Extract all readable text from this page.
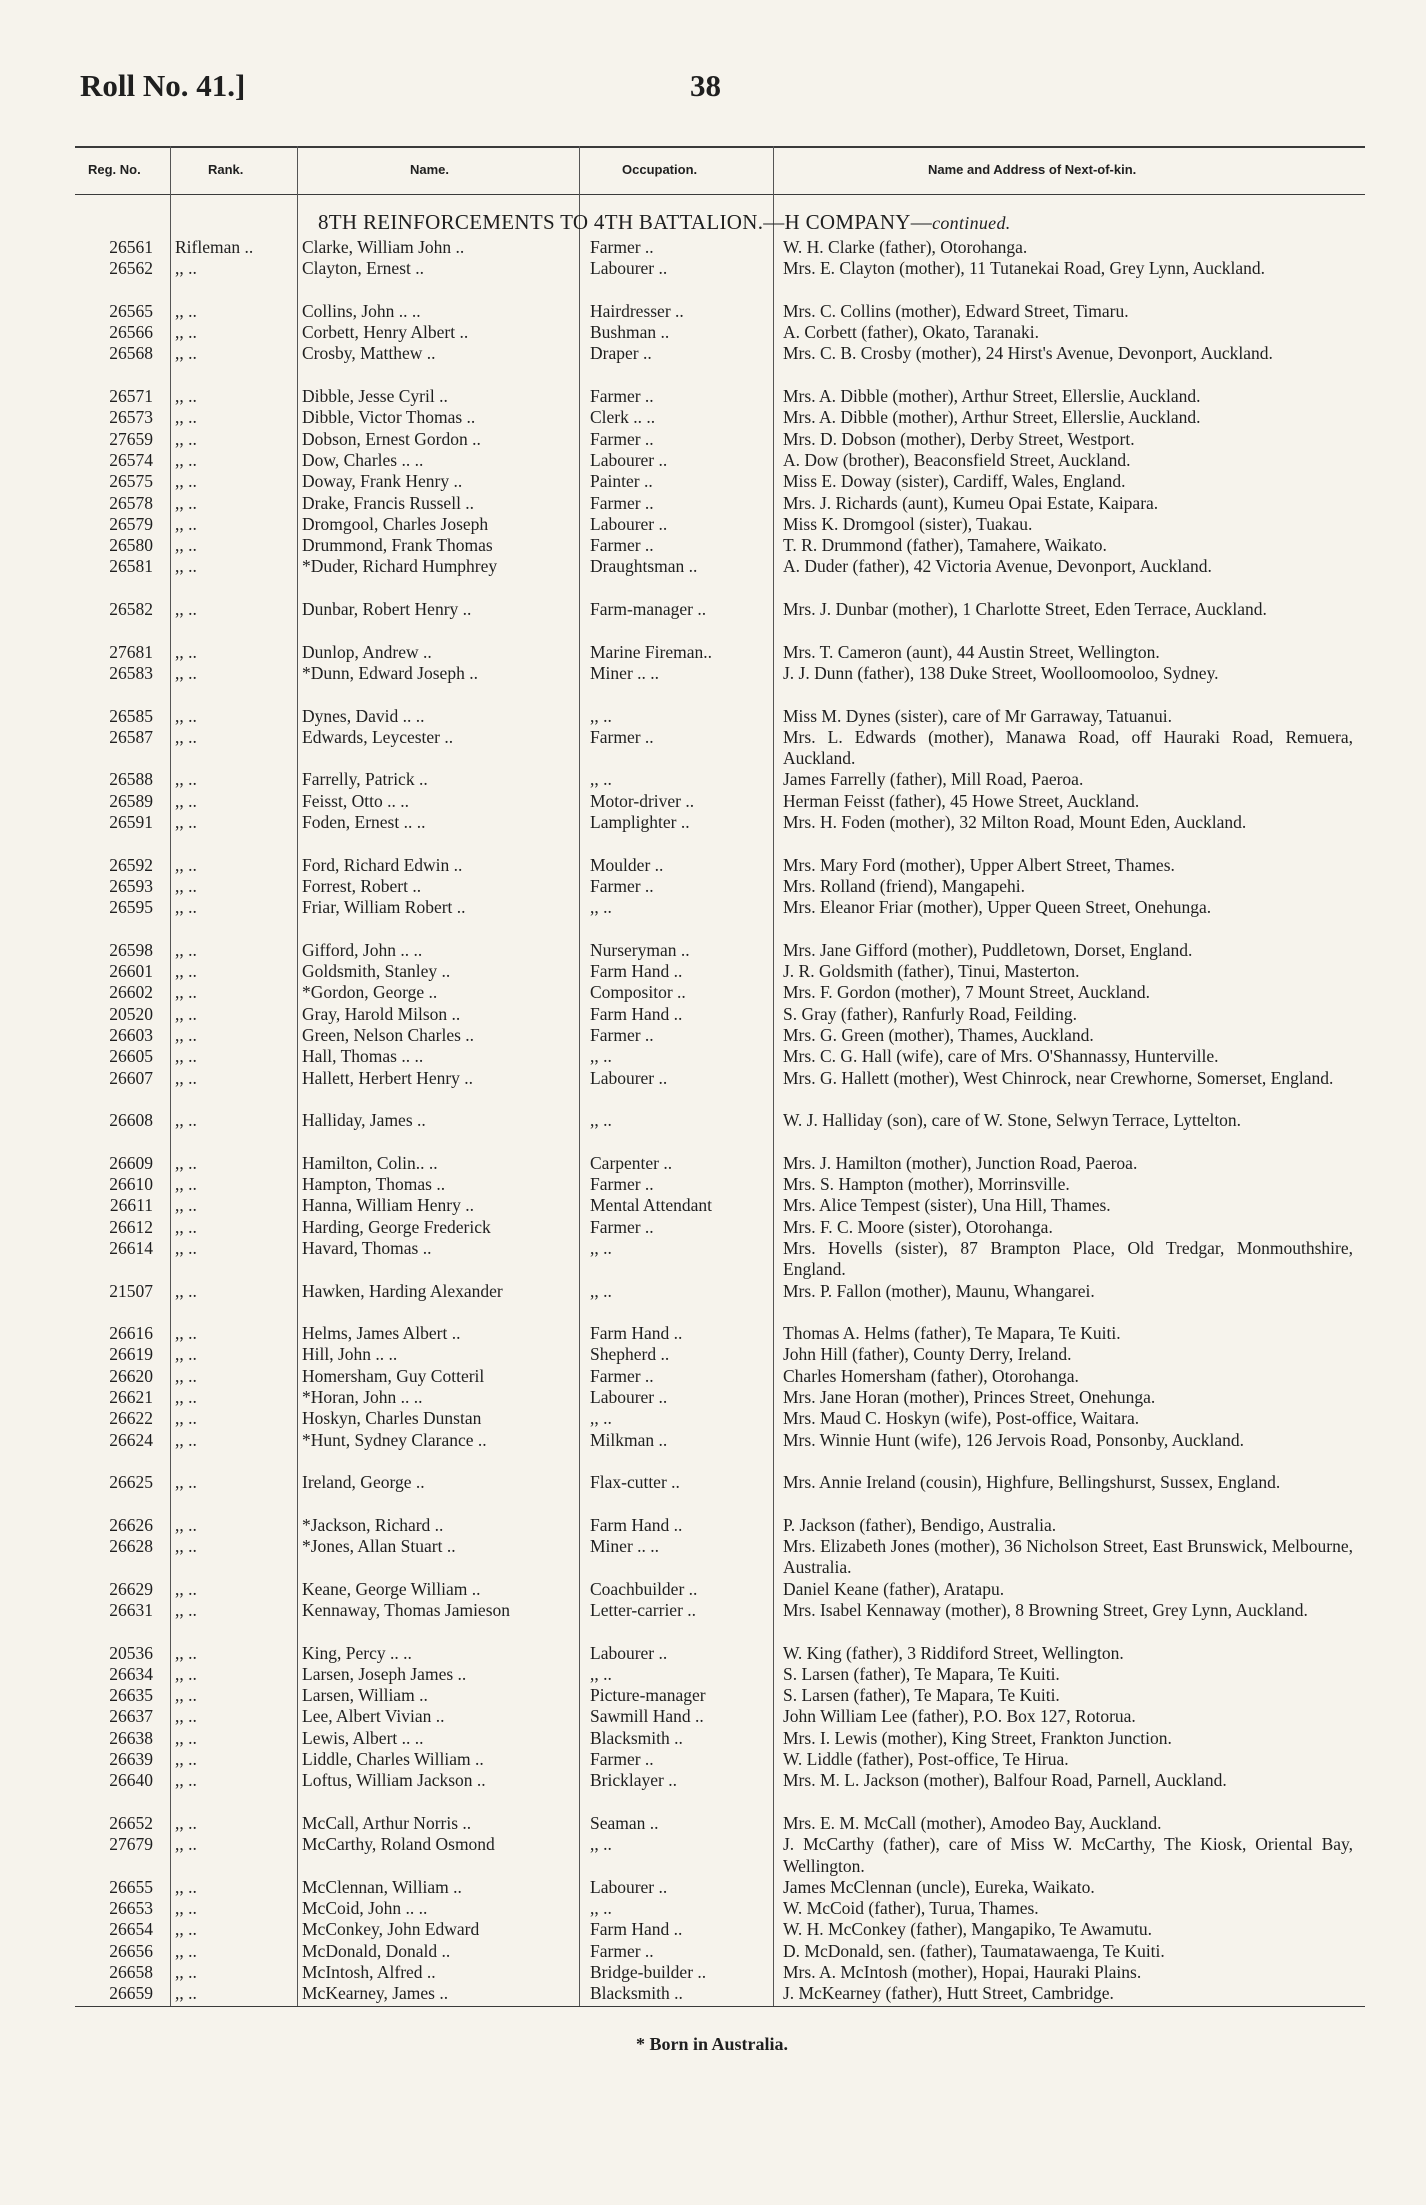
Roll No. 41.]	38
Reg. No.	Rank.	Name.	Occupation.	Name and Address of Next-of-kin.
8TH REINFORCEMENTS TO 4TH BATTALION.—H COMPANY—continued.
26561 Rifleman ..	Clarke, William John ..	Farmer ..	W. H. Clarke (father), Otorohanga.
26562 ,, ..	Clayton, Ernest ..	Labourer ..	Mrs. E. Clayton (mother), 11 Tutanekai Road, Grey Lynn, Auckland.
26565 ,, ..	Collins, John .. ..	Hairdresser ..	Mrs. C. Collins (mother), Edward Street, Timaru.
26566 ,, ..	Corbett, Henry Albert ..	Bushman ..	A. Corbett (father), Okato, Taranaki.
26568 ,, ..	Crosby, Matthew ..	Draper ..	Mrs. C. B. Crosby (mother), 24 Hirst's Avenue, Devonport, Auckland.
26571 ,, ..	Dibble, Jesse Cyril ..	Farmer ..	Mrs. A. Dibble (mother), Arthur Street, Ellerslie, Auckland.
26573 ,, ..	Dibble, Victor Thomas ..	Clerk .. ..	Mrs. A. Dibble (mother), Arthur Street, Ellerslie, Auckland.
27659 ,, ..	Dobson, Ernest Gordon ..	Farmer ..	Mrs. D. Dobson (mother), Derby Street, Westport.
26574 ,, ..	Dow, Charles .. ..	Labourer ..	A. Dow (brother), Beaconsfield Street, Auckland.
26575 ,, ..	Doway, Frank Henry ..	Painter ..	Miss E. Doway (sister), Cardiff, Wales, England.
26578 ,, ..	Drake, Francis Russell ..	Farmer ..	Mrs. J. Richards (aunt), Kumeu Opai Estate, Kaipara.
26579 ,, ..	Dromgool, Charles Joseph	Labourer ..	Miss K. Dromgool (sister), Tuakau.
26580 ,, ..	Drummond, Frank Thomas	Farmer ..	T. R. Drummond (father), Tamahere, Waikato.
26581 ,, ..	*Duder, Richard Humphrey	Draughtsman ..	A. Duder (father), 42 Victoria Avenue, Devonport, Auckland.
26582 ,, ..	Dunbar, Robert Henry ..	Farm-manager ..	Mrs. J. Dunbar (mother), 1 Charlotte Street, Eden Terrace, Auckland.
27681 ,, ..	Dunlop, Andrew ..	Marine Fireman..	Mrs. T. Cameron (aunt), 44 Austin Street, Wellington.
26583 ,, ..	*Dunn, Edward Joseph ..	Miner .. ..	J. J. Dunn (father), 138 Duke Street, Woolloomooloo, Sydney.
26585 ,, ..	Dynes, David .. ..	,, ..	Miss M. Dynes (sister), care of Mr Garraway, Tatuanui.
26587 ,, ..	Edwards, Leycester ..	Farmer ..	Mrs. L. Edwards (mother), Manawa Road, off Hauraki Road, Remuera, Auckland.
26588 ,, ..	Farrelly, Patrick ..	,, ..	James Farrelly (father), Mill Road, Paeroa.
26589 ,, ..	Feisst, Otto .. ..	Motor-driver ..	Herman Feisst (father), 45 Howe Street, Auckland.
26591 ,, ..	Foden, Ernest .. ..	Lamplighter ..	Mrs. H. Foden (mother), 32 Milton Road, Mount Eden, Auckland.
26592 ,, ..	Ford, Richard Edwin ..	Moulder ..	Mrs. Mary Ford (mother), Upper Albert Street, Thames.
26593 ,, ..	Forrest, Robert ..	Farmer ..	Mrs. Rolland (friend), Mangapehi.
26595 ,, ..	Friar, William Robert ..	,, ..	Mrs. Eleanor Friar (mother), Upper Queen Street, Onehunga.
26598 ,, ..	Gifford, John .. ..	Nurseryman ..	Mrs. Jane Gifford (mother), Puddletown, Dorset, England.
26601 ,, ..	Goldsmith, Stanley ..	Farm Hand ..	J. R. Goldsmith (father), Tinui, Masterton.
26602 ,, ..	*Gordon, George ..	Compositor ..	Mrs. F. Gordon (mother), 7 Mount Street, Auckland.
20520 ,, ..	Gray, Harold Milson ..	Farm Hand ..	S. Gray (father), Ranfurly Road, Feilding.
26603 ,, ..	Green, Nelson Charles ..	Farmer ..	Mrs. G. Green (mother), Thames, Auckland.
26605 ,, ..	Hall, Thomas .. ..	,, ..	Mrs. C. G. Hall (wife), care of Mrs. O'Shannassy, Hunterville.
26607 ,, ..	Hallett, Herbert Henry ..	Labourer ..	Mrs. G. Hallett (mother), West Chinrock, near Crewhorne, Somerset, England.
26608 ,, ..	Halliday, James ..	,, ..	W. J. Halliday (son), care of W. Stone, Selwyn Terrace, Lyttelton.
26609 ,, ..	Hamilton, Colin.. ..	Carpenter ..	Mrs. J. Hamilton (mother), Junction Road, Paeroa.
26610 ,, ..	Hampton, Thomas ..	Farmer ..	Mrs. S. Hampton (mother), Morrinsville.
26611 ,, ..	Hanna, William Henry ..	Mental Attendant	Mrs. Alice Tempest (sister), Una Hill, Thames.
26612 ,, ..	Harding, George Frederick	Farmer ..	Mrs. F. C. Moore (sister), Otorohanga.
26614 ,, ..	Havard, Thomas ..	,, ..	Mrs. Hovells (sister), 87 Brampton Place, Old Tredgar, Monmouthshire, England.
21507 ,, ..	Hawken, Harding Alexander	,, ..	Mrs. P. Fallon (mother), Maunu, Whangarei.
26616 ,, ..	Helms, James Albert ..	Farm Hand ..	Thomas A. Helms (father), Te Mapara, Te Kuiti.
26619 ,, ..	Hill, John .. ..	Shepherd ..	John Hill (father), County Derry, Ireland.
26620 ,, ..	Homersham, Guy Cotteril	Farmer ..	Charles Homersham (father), Otorohanga.
26621 ,, ..	*Horan, John .. ..	Labourer ..	Mrs. Jane Horan (mother), Princes Street, Onehunga.
26622 ,, ..	Hoskyn, Charles Dunstan	,, ..	Mrs. Maud C. Hoskyn (wife), Post-office, Waitara.
26624 ,, ..	*Hunt, Sydney Clarance ..	Milkman ..	Mrs. Winnie Hunt (wife), 126 Jervois Road, Ponsonby, Auckland.
26625 ,, ..	Ireland, George ..	Flax-cutter ..	Mrs. Annie Ireland (cousin), Highfure, Bellingshurst, Sussex, England.
26626 ,, ..	*Jackson, Richard ..	Farm Hand ..	P. Jackson (father), Bendigo, Australia.
26628 ,, ..	*Jones, Allan Stuart ..	Miner .. ..	Mrs. Elizabeth Jones (mother), 36 Nicholson Street, East Brunswick, Melbourne, Australia.
26629 ,, ..	Keane, George William ..	Coachbuilder ..	Daniel Keane (father), Aratapu.
26631 ,, ..	Kennaway, Thomas Jamieson	Letter-carrier ..	Mrs. Isabel Kennaway (mother), 8 Browning Street, Grey Lynn, Auckland.
20536 ,, ..	King, Percy .. ..	Labourer ..	W. King (father), 3 Riddiford Street, Wellington.
26634 ,, ..	Larsen, Joseph James ..	,, ..	S. Larsen (father), Te Mapara, Te Kuiti.
26635 ,, ..	Larsen, William ..	Picture-manager	S. Larsen (father), Te Mapara, Te Kuiti.
26637 ,, ..	Lee, Albert Vivian ..	Sawmill Hand ..	John William Lee (father), P.O. Box 127, Rotorua.
26638 ,, ..	Lewis, Albert .. ..	Blacksmith ..	Mrs. I. Lewis (mother), King Street, Frankton Junction.
26639 ,, ..	Liddle, Charles William ..	Farmer ..	W. Liddle (father), Post-office, Te Hirua.
26640 ,, ..	Loftus, William Jackson ..	Bricklayer ..	Mrs. M. L. Jackson (mother), Balfour Road, Parnell, Auckland.
26652 ,, ..	McCall, Arthur Norris ..	Seaman ..	Mrs. E. M. McCall (mother), Amodeo Bay, Auckland.
27679 ,, ..	McCarthy, Roland Osmond	,, ..	J. McCarthy (father), care of Miss W. McCarthy, The Kiosk, Oriental Bay, Wellington.
26655 ,, ..	McClennan, William ..	Labourer ..	James McClennan (uncle), Eureka, Waikato.
26653 ,, ..	McCoid, John .. ..	,, ..	W. McCoid (father), Turua, Thames.
26654 ,, ..	McConkey, John Edward	Farm Hand ..	W. H. McConkey (father), Mangapiko, Te Awamutu.
26656 ,, ..	McDonald, Donald ..	Farmer ..	D. McDonald, sen. (father), Taumatawaenga, Te Kuiti.
26658 ,, ..	McIntosh, Alfred ..	Bridge-builder ..	Mrs. A. McIntosh (mother), Hopai, Hauraki Plains.
26659 ,, ..	McKearney, James ..	Blacksmith ..	J. McKearney (father), Hutt Street, Cambridge.
* Born in Australia.
